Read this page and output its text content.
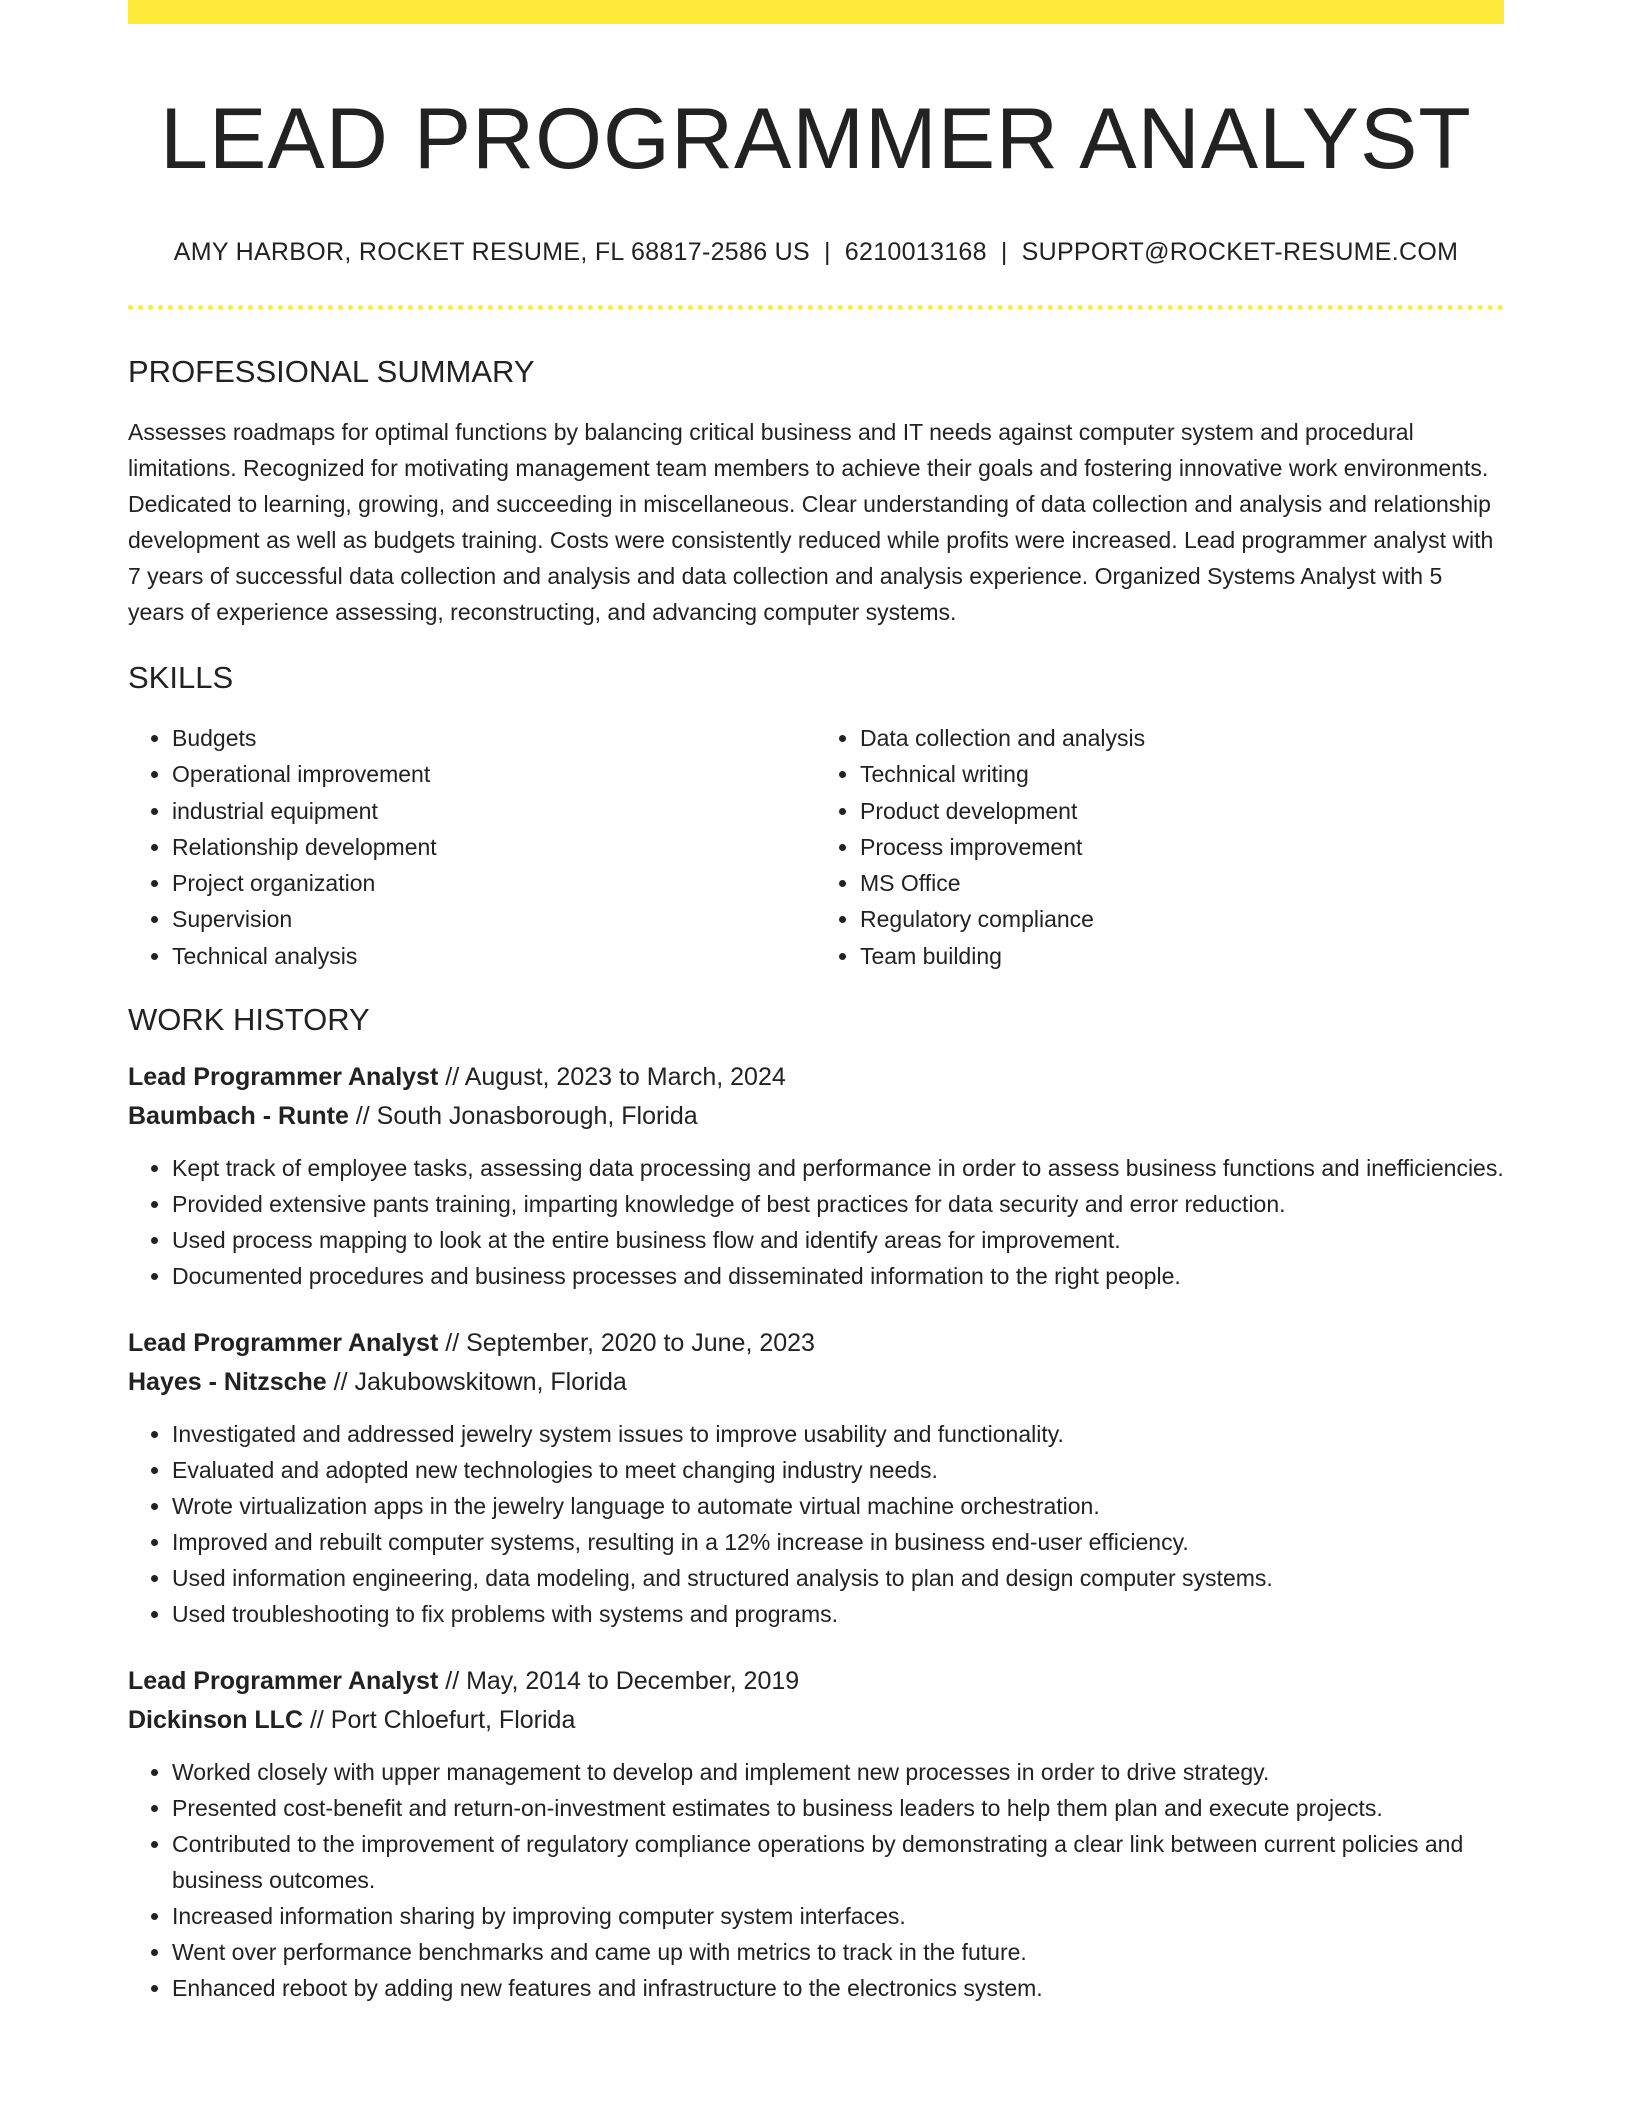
LEAD PROGRAMMER ANALYST
AMY HARBOR, ROCKET RESUME, FL 68817-2586 US | 6210013168 | SUPPORT@ROCKET-RESUME.COM
PROFESSIONAL SUMMARY

Assesses roadmaps for optimal functions by balancing critical business and IT needs against computer system and procedural limitations. Recognized for motivating management team members to achieve their goals and fostering innovative work environments. Dedicated to learning, growing, and succeeding in miscellaneous. Clear understanding of data collection and analysis and relationship development as well as budgets training. Costs were consistently reduced while profits were increased. Lead programmer analyst with 7 years of successful data collection and analysis and data collection and analysis experience. Organized Systems Analyst with 5 years of experience assessing, reconstructing, and advancing computer systems.

SKILLS
• Budgets
• Operational improvement
• industrial equipment
• Relationship development
• Project organization
• Supervision
• Technical analysis
• Data collection and analysis
• Technical writing
• Product development
• Process improvement
• MS Office
• Regulatory compliance
• Team building
WORK HISTORY
Lead Programmer Analyst // August, 2023 to March, 2024
Baumbach - Runte // South Jonasborough, Florida
• Kept track of employee tasks, assessing data processing and performance in order to assess business functions and inefficiencies.
• Provided extensive pants training, imparting knowledge of best practices for data security and error reduction.
• Used process mapping to look at the entire business flow and identify areas for improvement.
• Documented procedures and business processes and disseminated information to the right people.
Lead Programmer Analyst // September, 2020 to June, 2023
Hayes - Nitzsche // Jakubowskitown, Florida
• Investigated and addressed jewelry system issues to improve usability and functionality.
• Evaluated and adopted new technologies to meet changing industry needs.
• Wrote virtualization apps in the jewelry language to automate virtual machine orchestration.
• Improved and rebuilt computer systems, resulting in a 12% increase in business end-user efficiency.
• Used information engineering, data modeling, and structured analysis to plan and design computer systems.
• Used troubleshooting to fix problems with systems and programs.
Lead Programmer Analyst // May, 2014 to December, 2019
Dickinson LLC // Port Chloefurt, Florida
• Worked closely with upper management to develop and implement new processes in order to drive strategy.
• Presented cost-benefit and return-on-investment estimates to business leaders to help them plan and execute projects.
• Contributed to the improvement of regulatory compliance operations by demonstrating a clear link between current policies and business outcomes.
• Increased information sharing by improving computer system interfaces.
• Went over performance benchmarks and came up with metrics to track in the future.
• Enhanced reboot by adding new features and infrastructure to the electronics system.
